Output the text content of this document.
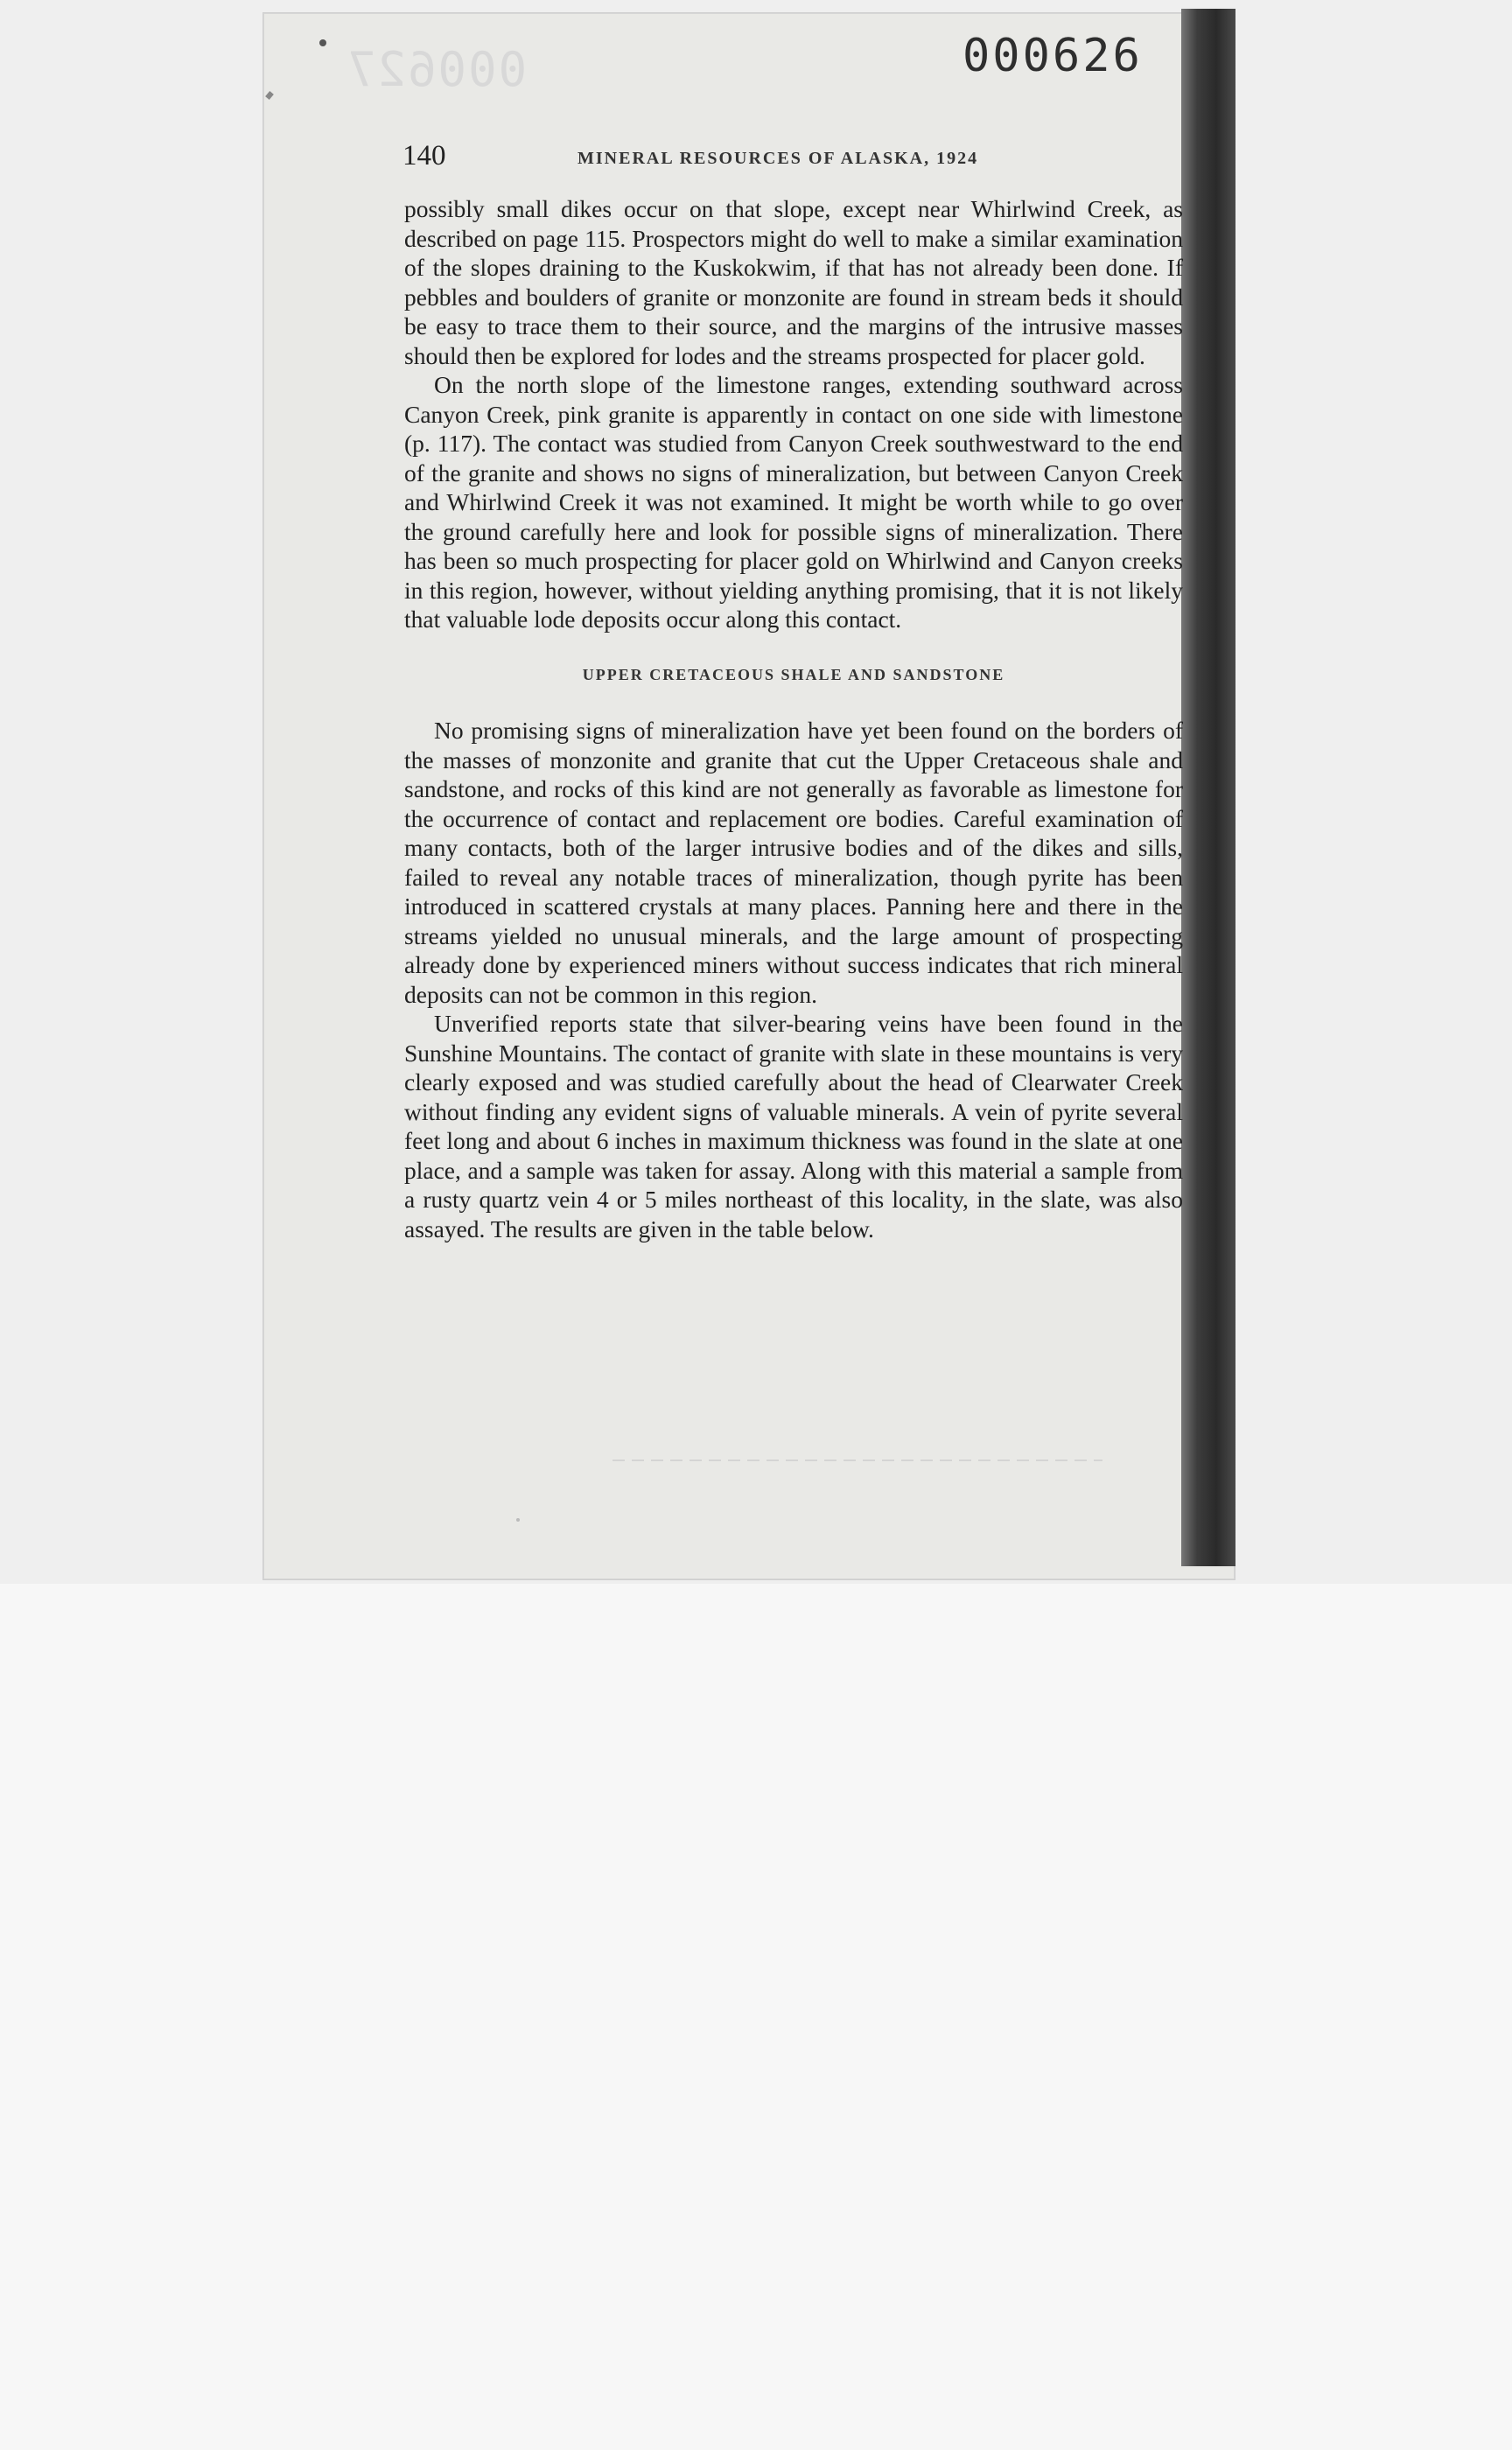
000627	000626
140	MINERAL RESOURCES OF ALASKA, 1924

possibly small dikes occur on that slope, except near Whirlwind Creek, as described on page 115. Prospectors might do well to make a similar examination of the slopes draining to the Kuskokwim, if that has not already been done. If pebbles and boulders of granite or monzonite are found in stream beds it should be easy to trace them to their source, and the margins of the intrusive masses should then be explored for lodes and the streams prospected for placer gold.

On the north slope of the limestone ranges, extending southward across Canyon Creek, pink granite is apparently in contact on one side with limestone (p. 117). The contact was studied from Canyon Creek southwestward to the end of the granite and shows no signs of mineralization, but between Canyon Creek and Whirlwind Creek it was not examined. It might be worth while to go over the ground carefully here and look for possible signs of mineralization. There has been so much prospecting for placer gold on Whirlwind and Canyon creeks in this region, however, without yielding anything promising, that it is not likely that valuable lode deposits occur along this contact.

UPPER CRETACEOUS SHALE AND SANDSTONE

No promising signs of mineralization have yet been found on the borders of the masses of monzonite and granite that cut the Upper Cretaceous shale and sandstone, and rocks of this kind are not generally as favorable as limestone for the occurrence of contact and replacement ore bodies. Careful examination of many contacts, both of the larger intrusive bodies and of the dikes and sills, failed to reveal any notable traces of mineralization, though pyrite has been introduced in scattered crystals at many places. Panning here and there in the streams yielded no unusual minerals, and the large amount of prospecting already done by experienced miners without success indicates that rich mineral deposits can not be common in this region.

Unverified reports state that silver-bearing veins have been found in the Sunshine Mountains. The contact of granite with slate in these mountains is very clearly exposed and was studied carefully about the head of Clearwater Creek without finding any evident signs of valuable minerals. A vein of pyrite several feet long and about 6 inches in maximum thickness was found in the slate at one place, and a sample was taken for assay. Along with this material a sample from a rusty quartz vein 4 or 5 miles northeast of this locality, in the slate, was also assayed. The results are given in the table below.
